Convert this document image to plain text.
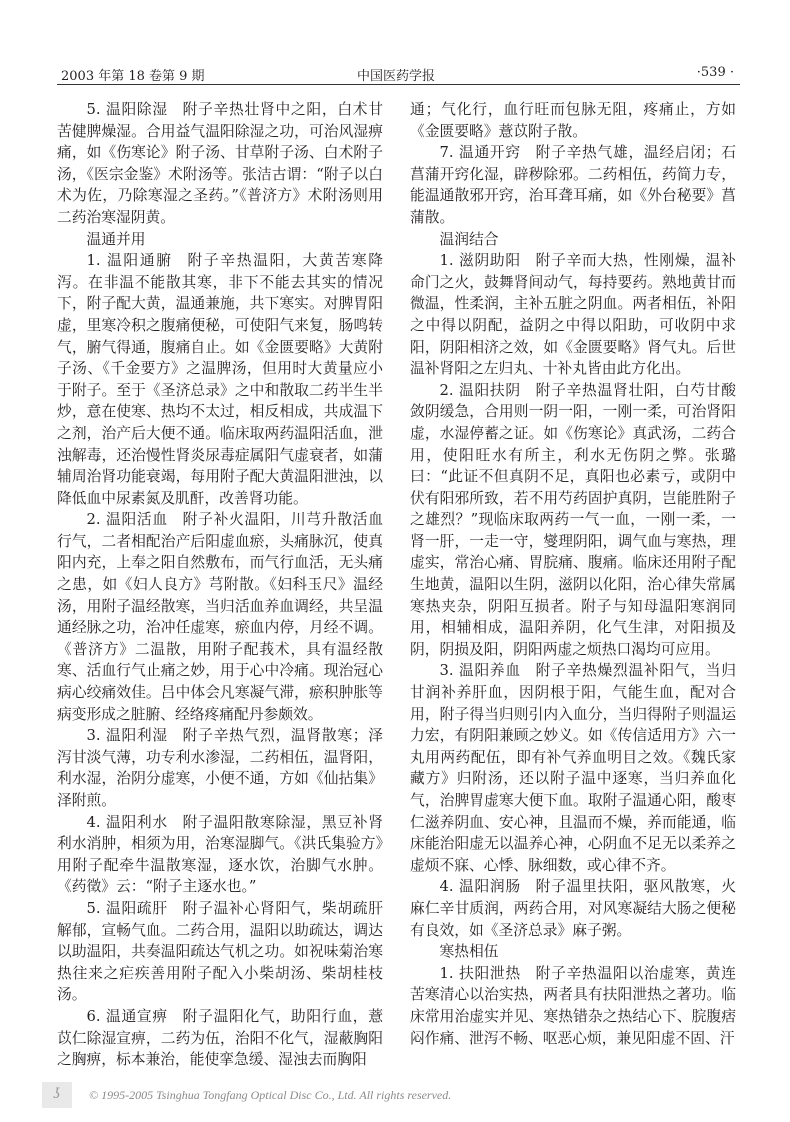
2003 年第 18 卷第 9 期	中国医药学报	·539 ·

5. 温阳除湿 附子辛热壮肾中之阳，白术甘苦健脾燥湿。合用益气温阳除湿之功，可治风湿痹痛，如《伤寒论》附子汤、甘草附子汤、白术附子汤，《医宗金鉴》术附汤等。张洁古谓：“附子以白术为佐，乃除寒湿之圣药。”《普济方》术附汤则用二药治寒湿阴黄。

温通并用

1. 温阳通腑 附子辛热温阳，大黄苦寒降泻。在非温不能散其寒，非下不能去其实的情况下，附子配大黄，温通兼施，共下寒实。对脾胃阳虚，里寒冷积之腹痛便秘，可使阳气来复，肠鸣转气，腑气得通，腹痛自止。如《金匮要略》大黄附子汤、《千金要方》之温脾汤，但用时大黄量应小于附子。至于《圣济总录》之中和散取二药半生半炒，意在使寒、热均不太过，相反相成，共成温下之剂，治产后大便不通。临床取两药温阳活血，泄浊解毒，还治慢性肾炎尿毒症属阳气虚衰者，如蒲辅周治肾功能衰竭，每用附子配大黄温阳泄浊，以降低血中尿素氮及肌酐，改善肾功能。

2. 温阳活血 附子补火温阳，川芎升散活血行气，二者相配治产后阳虚血瘀，头痛脉沉，使真阳内充，上奉之阳自然敷布，而气行血活，无头痛之患，如《妇人良方》芎附散。《妇科玉尺》温经汤，用附子温经散寒，当归活血养血调经，共呈温通经脉之功，治冲任虚寒，瘀血内停，月经不调。《普济方》二温散，用附子配莪术，具有温经散寒、活血行气止痛之妙，用于心中冷痛。现治冠心病心绞痛效佳。吕中体会凡寒凝气滞，瘀积肿胀等病变形成之脏腑、经络疼痛配丹参颇效。

3. 温阳利湿 附子辛热气烈，温肾散寒；泽泻甘淡气薄，功专利水渗湿，二药相伍，温肾阳，利水湿，治阴分虚寒，小便不通，方如《仙拈集》泽附煎。

4. 温阳利水 附子温阳散寒除湿，黑豆补肾利水消肿，相须为用，治寒湿脚气。《洪氏集验方》用附子配牵牛温散寒湿，逐水饮，治脚气水肿。《药徵》云：“附子主逐水也。”

5. 温阳疏肝 附子温补心肾阳气，柴胡疏肝解郁，宣畅气血。二药合用，温阳以助疏达，调达以助温阳，共奏温阳疏达气机之功。如祝味菊治寒热往来之疟疾善用附子配入小柴胡汤、柴胡桂枝汤。

6. 温通宣痹 附子温阳化气，助阳行血，薏苡仁除湿宣痹，二药为伍，治阳不化气，湿蔽胸阳之胸痹，标本兼治，能使挛急缓、湿浊去而胸阳

通；气化行，血行旺而包脉无阻，疼痛止，方如《金匮要略》薏苡附子散。

7. 温通开窍 附子辛热气雄，温经启闭；石菖蒲开窍化湿，辟秽除邪。二药相伍，药简力专，能温通散邪开窍，治耳聋耳痛，如《外台秘要》菖蒲散。

温润结合

1. 滋阴助阳 附子辛而大热，性刚燥，温补命门之火，鼓舞肾间动气，每持要药。熟地黄甘而微温，性柔润，主补五脏之阴血。两者相伍，补阳之中得以阴配，益阴之中得以阳助，可收阴中求阳，阴阳相济之效，如《金匮要略》肾气丸。后世温补肾阳之左归丸、十补丸皆由此方化出。

2. 温阳扶阴 附子辛热温肾壮阳，白芍甘酸敛阴缓急，合用则一阴一阳，一刚一柔，可治肾阳虚，水湿停蓄之证。如《伤寒论》真武汤，二药合用，使阳旺水有所主，利水无伤阴之弊。张璐曰：“此证不但真阴不足，真阳也必素亏，或阴中伏有阳邪所致，若不用芍药固护真阴，岂能胜附子之雄烈？”现临床取两药一气一血，一刚一柔，一肾一肝，一走一守，燮理阴阳，调气血与寒热，理虚实，常治心痛、胃脘痛、腹痛。临床还用附子配生地黄，温阳以生阴，滋阴以化阳，治心律失常属寒热夹杂，阴阳互损者。附子与知母温阳寒润同用，相辅相成，温阳养阴，化气生津，对阳损及阴，阴损及阳，阴阳两虚之烦热口渴均可应用。

3. 温阳养血 附子辛热燥烈温补阳气，当归甘润补养肝血，因阴根于阳，气能生血，配对合用，附子得当归则引内入血分，当归得附子则温运力宏，有阴阳兼顾之妙义。如《传信适用方》六一丸用两药配伍，即有补气养血明目之效。《魏氏家藏方》归附汤，还以附子温中逐寒，当归养血化气，治脾胃虚寒大便下血。取附子温通心阳，酸枣仁滋养阴血、安心神，且温而不燥，养而能通，临床能治阳虚无以温养心神，心阴血不足无以柔养之虚烦不寐、心悸、脉细数，或心律不齐。

4. 温阳润肠 附子温里扶阳，驱风散寒，火麻仁辛甘质润，两药合用，对风寒凝结大肠之便秘有良效，如《圣济总录》麻子粥。

寒热相伍

1. 扶阳泄热 附子辛热温阳以治虚寒，黄连苦寒清心以治实热，两者具有扶阳泄热之著功。临床常用治虚实并见、寒热错杂之热结心下、脘腹痞闷作痛、泄泻不畅、呕恶心烦，兼见阳虚不固、汗

ʖ	© 1995-2005 Tsinghua Tongfang Optical Disc Co., Ltd. All rights reserved.
